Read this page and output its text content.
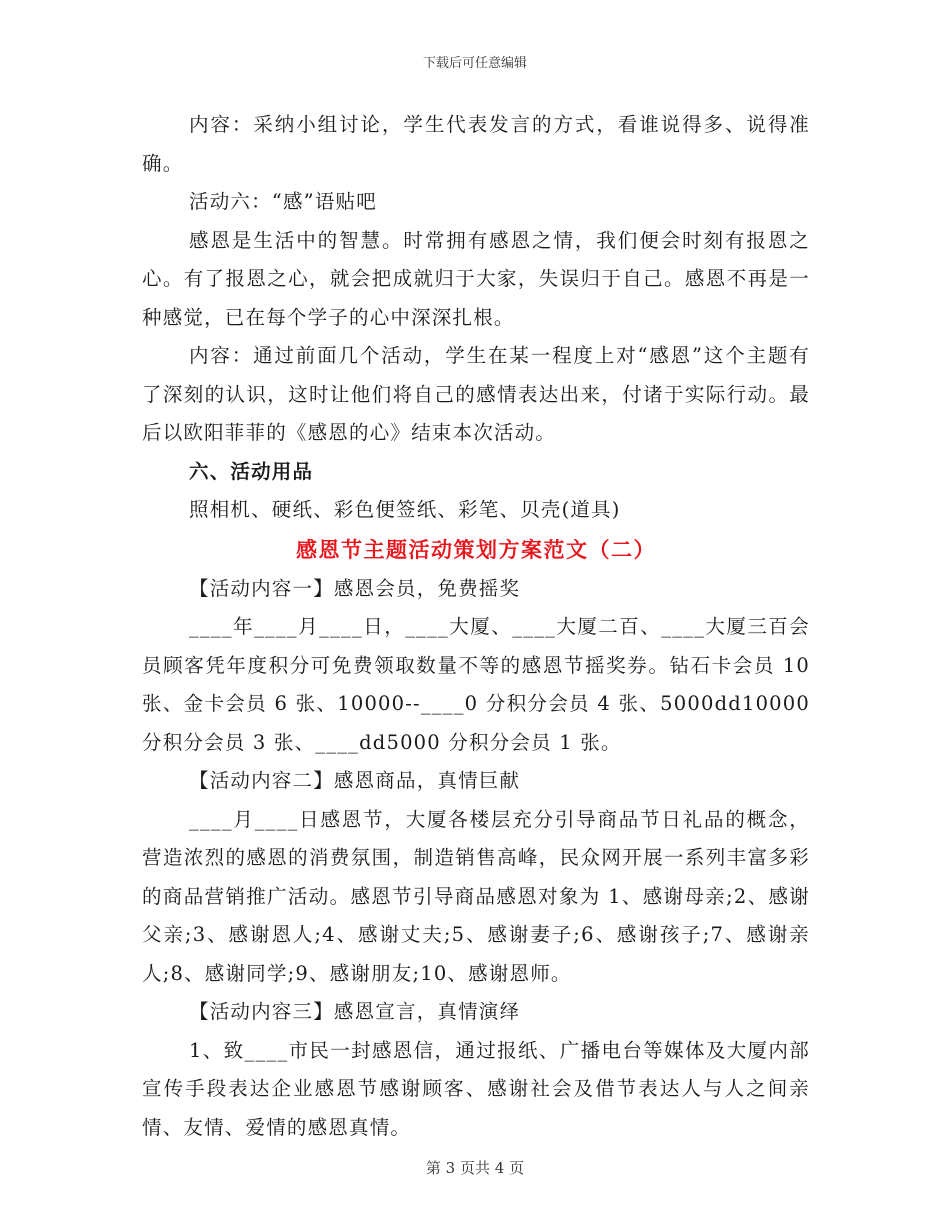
下载后可任意编辑

内容：采纳小组讨论，学生代表发言的方式，看谁说得多、说得准确。

活动六：“感”语贴吧

感恩是生活中的智慧。时常拥有感恩之情，我们便会时刻有报恩之心。有了报恩之心，就会把成就归于大家，失误归于自己。感恩不再是一种感觉，已在每个学子的心中深深扎根。

内容：通过前面几个活动，学生在某一程度上对“感恩”这个主题有了深刻的认识，这时让他们将自己的感情表达出来，付诸于实际行动。最后以欧阳菲菲的《感恩的心》结束本次活动。

六、活动用品

照相机、硬纸、彩色便签纸、彩笔、贝壳(道具)

感恩节主题活动策划方案范文（二）

【活动内容一】感恩会员，免费摇奖

____年____月____日，____大厦、____大厦二百、____大厦三百会员顾客凭年度积分可免费领取数量不等的感恩节摇奖券。钻石卡会员 10 张、金卡会员 6 张、10000--____0 分积分会员 4 张、5000dd10000 分积分会员 3 张、____dd5000 分积分会员 1 张。

【活动内容二】感恩商品，真情巨献

____月____日感恩节，大厦各楼层充分引导商品节日礼品的概念，营造浓烈的感恩的消费氛围，制造销售高峰，民众网开展一系列丰富多彩的商品营销推广活动。感恩节引导商品感恩对象为 1、感谢母亲;2、感谢父亲;3、感谢恩人;4、感谢丈夫;5、感谢妻子;6、感谢孩子;7、感谢亲人;8、感谢同学;9、感谢朋友;10、感谢恩师。

【活动内容三】感恩宣言，真情演绎

1、致____市民一封感恩信，通过报纸、广播电台等媒体及大厦内部宣传手段表达企业感恩节感谢顾客、感谢社会及借节表达人与人之间亲情、友情、爱情的感恩真情。

第 3 页共 4 页
